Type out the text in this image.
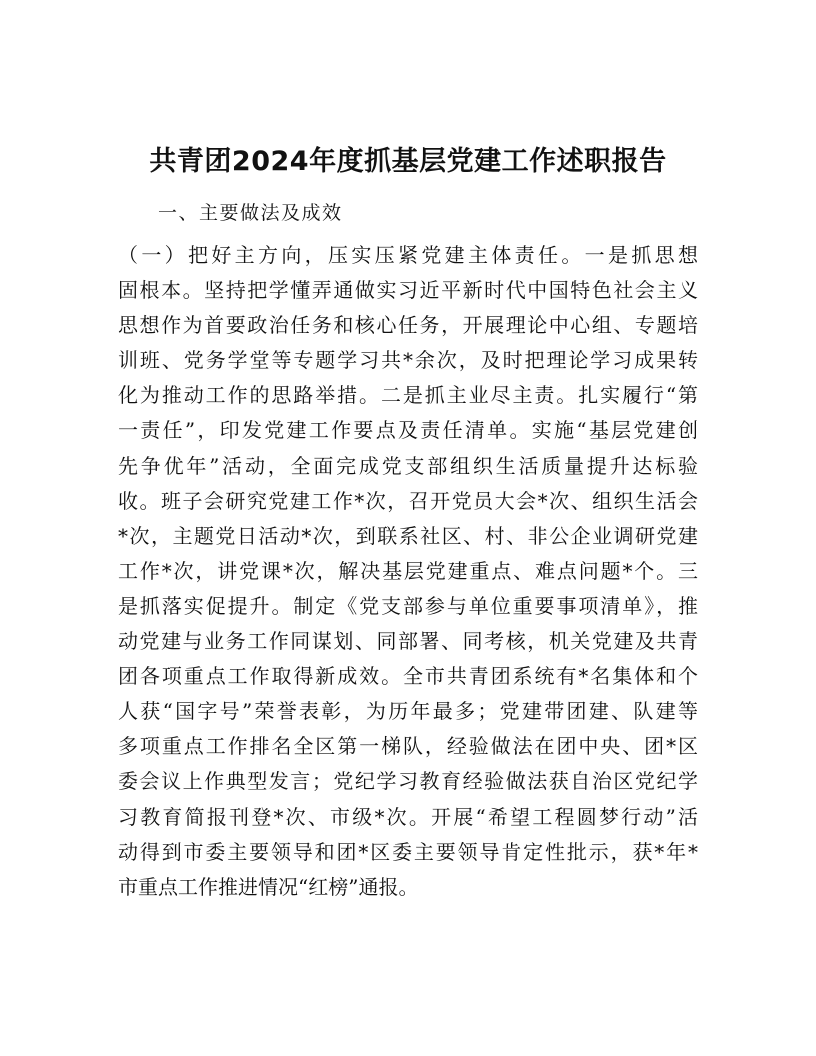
共青团2024年度抓基层党建工作述职报告

一、主要做法及成效

（一）把好主方向，压实压紧党建主体责任。一是抓思想
固根本。坚持把学懂弄通做实习近平新时代中国特色社会主义
思想作为首要政治任务和核心任务，开展理论中心组、专题培
训班、党务学堂等专题学习共*余次，及时把理论学习成果转
化为推动工作的思路举措。二是抓主业尽主责。扎实履行“第
一责任”，印发党建工作要点及责任清单。实施“基层党建创
先争优年”活动，全面完成党支部组织生活质量提升达标验
收。班子会研究党建工作*次，召开党员大会*次、组织生活会
*次，主题党日活动*次，到联系社区、村、非公企业调研党建
工作*次，讲党课*次，解决基层党建重点、难点问题*个。三
是抓落实促提升。制定《党支部参与单位重要事项清单》，推
动党建与业务工作同谋划、同部署、同考核，机关党建及共青
团各项重点工作取得新成效。全市共青团系统有*名集体和个
人获“国字号”荣誉表彰，为历年最多；党建带团建、队建等
多项重点工作排名全区第一梯队，经验做法在团中央、团*区
委会议上作典型发言；党纪学习教育经验做法获自治区党纪学
习教育简报刊登*次、市级*次。开展“希望工程圆梦行动”活
动得到市委主要领导和团*区委主要领导肯定性批示，获*年*
市重点工作推进情况“红榜”通报。
